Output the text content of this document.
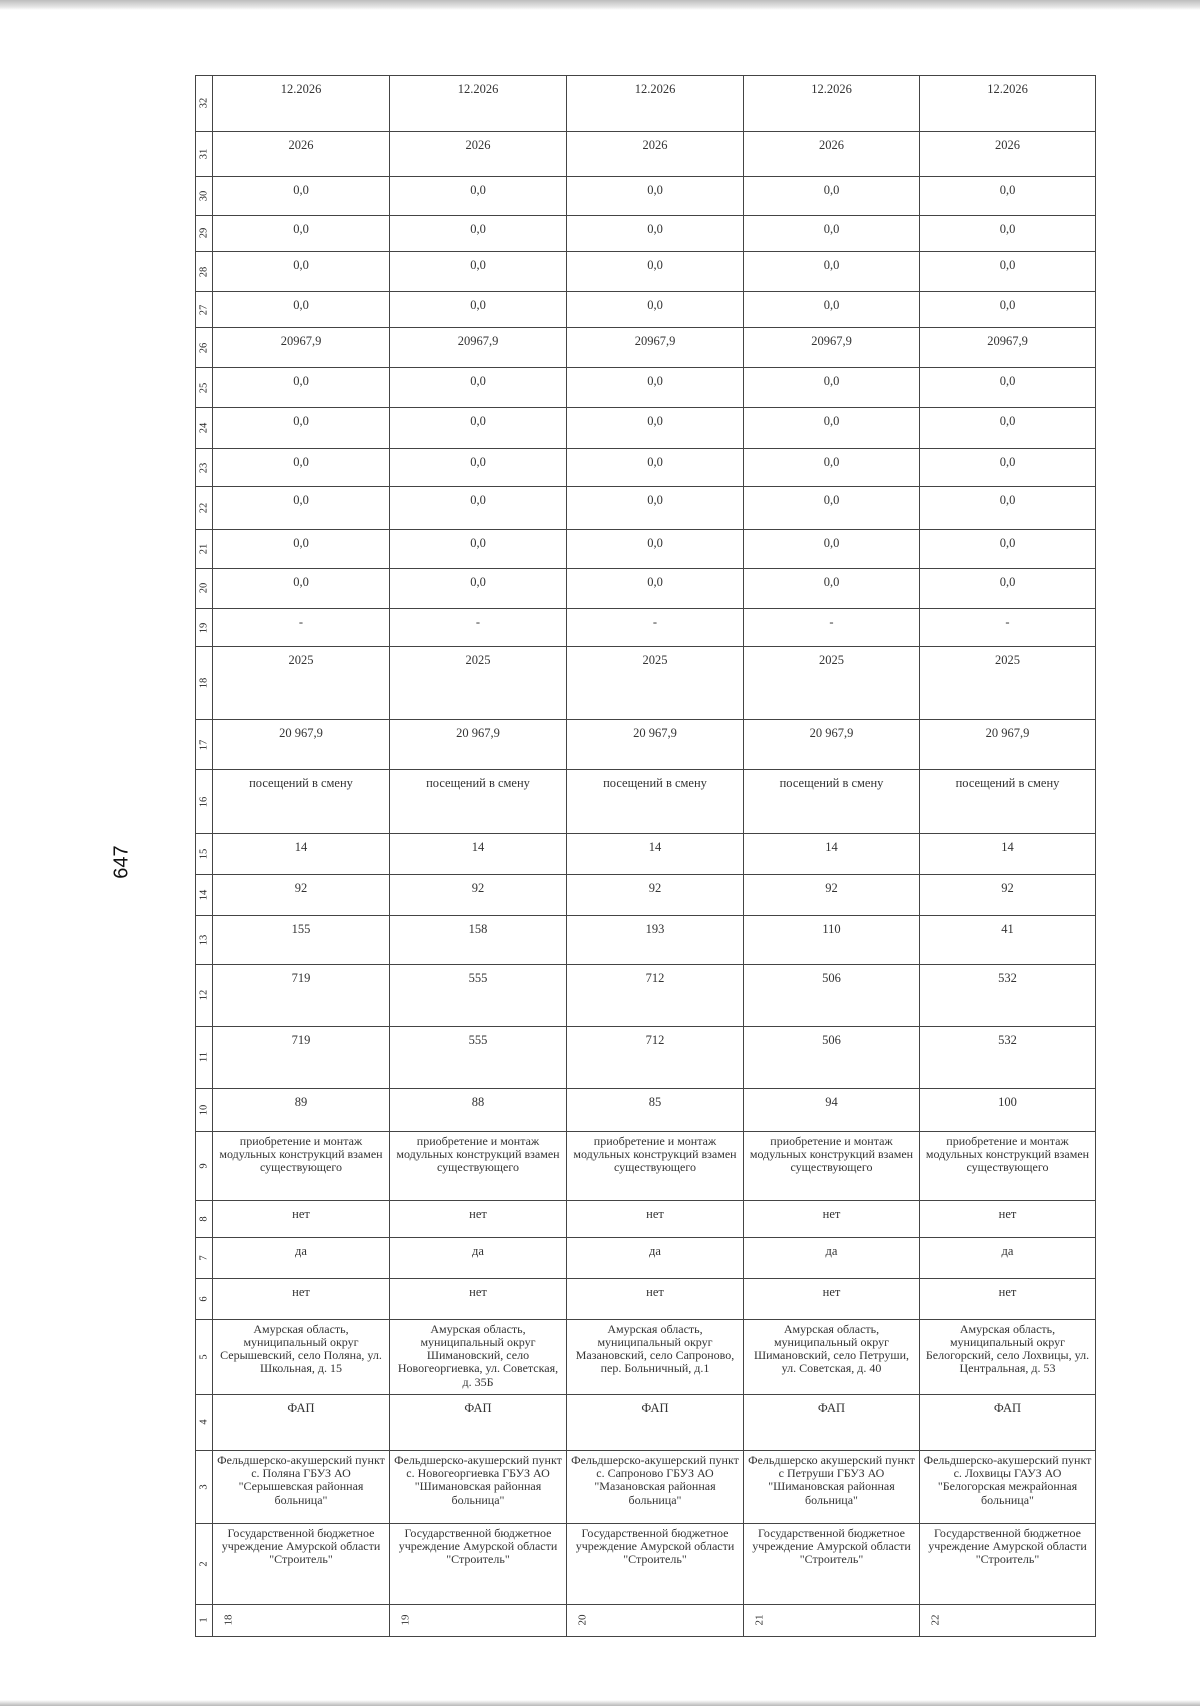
647
32	12.2026	12.2026	12.2026	12.2026	12.2026

31	2026	2026	2026	2026	2026

30	0,0	0,0	0,0	0,0	0,0

29	0,0	0,0	0,0	0,0	0,0

28	0,0	0,0	0,0	0,0	0,0

27	0,0	0,0	0,0	0,0	0,0

26	20967,9	20967,9	20967,9	20967,9	20967,9

25	0,0	0,0	0,0	0,0	0,0

24	0,0	0,0	0,0	0,0	0,0

23	0,0	0,0	0,0	0,0	0,0

22	0,0	0,0	0,0	0,0	0,0

21	0,0	0,0	0,0	0,0	0,0

20	0,0	0,0	0,0	0,0	0,0

19	-	-	-	-	-

18	2025	2025	2025	2025	2025

17	20 967,9	20 967,9	20 967,9	20 967,9	20 967,9

16	посещений в смену	посещений в смену	посещений в смену	посещений в смену	посещений в смену

15	14	14	14	14	14

14	92	92	92	92	92

13	155	158	193	110	41

12	719	555	712	506	532

11	719	555	712	506	532

10	89	88	85	94	100

9	приобретение и монтаж модульных конструкций взамен существующего	приобретение и монтаж модульных конструкций взамен существующего	приобретение и монтаж модульных конструкций взамен существующего	приобретение и монтаж модульных конструкций взамен существующего	приобретение и монтаж модульных конструкций взамен существующего

8	нет	нет	нет	нет	нет

7	да	да	да	да	да

6	нет	нет	нет	нет	нет

5	Амурская область, муниципальный округ Серышевский, село Поляна, ул. Школьная, д. 15	Амурская область, муниципальный округ Шимановский, село Новогеоргиевка, ул. Советская, д. 35Б	Амурская область, муниципальный округ Мазановский, село Сапроново, пер. Больничный, д.1	Амурская область, муниципальный округ Шимановский, село Петруши, ул. Советская, д. 40	Амурская область, муниципальный округ Белогорский, село Лохвицы, ул. Центральная, д. 53

4	ФАП	ФАП	ФАП	ФАП	ФАП

3	Фельдшерско-акушерский пункт с. Поляна ГБУЗ АО "Серышевская районная больница"	Фельдшерско-акушерский пункт с. Новогеоргиевка ГБУЗ АО "Шимановская районная больница"	Фельдшерско-акушерский пункт с. Сапроново ГБУЗ АО "Мазановская районная больница"	Фельдшерско акушерский пункт с Петруши ГБУЗ АО "Шимановская районная больница"	Фельдшерско-акушерский пункт с. Лохвицы ГАУЗ АО "Белогорская межрайонная больница"

2	Государственной бюджетное учреждение Амурской области "Строитель"	Государственной бюджетное учреждение Амурской области "Строитель"	Государственной бюджетное учреждение Амурской области "Строитель"	Государственной бюджетное учреждение Амурской области "Строитель"	Государственной бюджетное учреждение Амурской области "Строитель"

1	18	19	20	21	22
